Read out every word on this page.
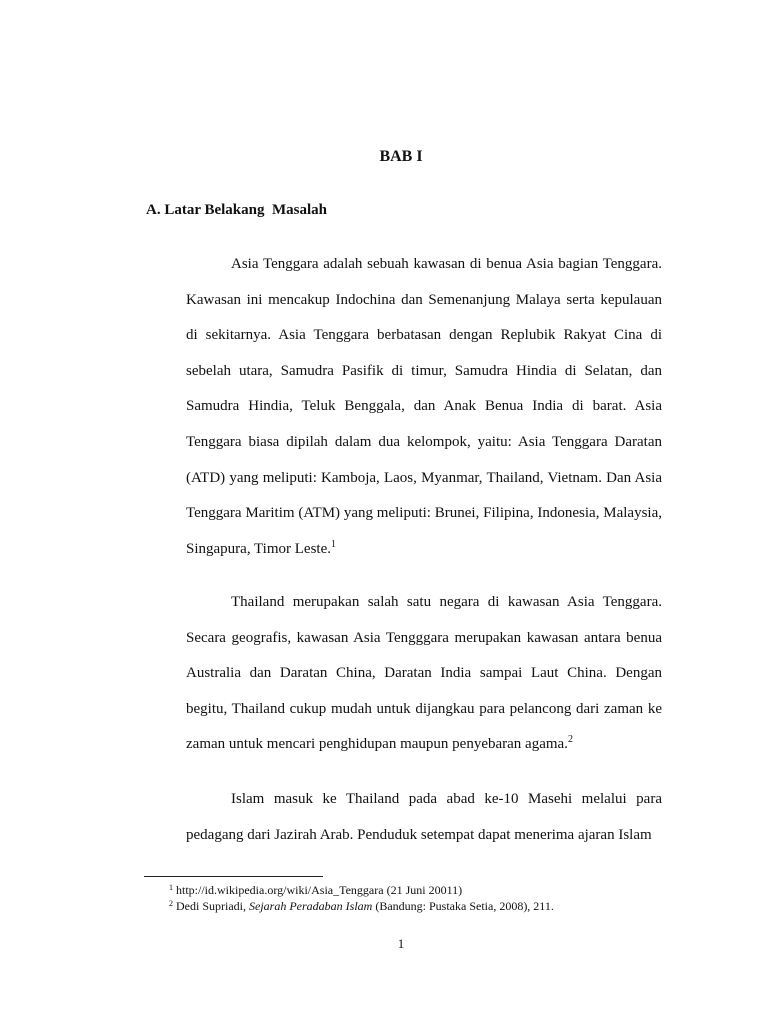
BAB I
A. Latar Belakang  Masalah

Asia Tenggara adalah sebuah kawasan di benua Asia bagian Tenggara. Kawasan ini mencakup Indochina dan Semenanjung Malaya serta kepulauan di sekitarnya. Asia Tenggara berbatasan dengan Replubik Rakyat Cina di sebelah utara, Samudra Pasifik di timur, Samudra Hindia di Selatan, dan Samudra Hindia, Teluk Benggala, dan Anak Benua India di barat. Asia Tenggara biasa dipilah dalam dua kelompok, yaitu: Asia Tenggara Daratan (ATD) yang meliputi: Kamboja, Laos, Myanmar, Thailand, Vietnam. Dan Asia Tenggara Maritim (ATM) yang meliputi: Brunei, Filipina, Indonesia, Malaysia, Singapura, Timor Leste.$^1$

Thailand merupakan salah satu negara di kawasan Asia Tenggara. Secara geografis, kawasan Asia Tengggara merupakan kawasan antara benua Australia dan Daratan China, Daratan India sampai Laut China. Dengan begitu, Thailand cukup mudah untuk dijangkau para pelancong dari zaman ke zaman untuk mencari penghidupan maupun penyebaran agama.$^2$

Islam masuk ke Thailand pada abad ke-10 Masehi melalui para pedagang dari Jazirah Arab. Penduduk setempat dapat menerima ajaran Islam

$^1$ http://id.wikipedia.org/wiki/Asia_Tenggara (21 Juni 20011)

$^2$ Dedi Supriadi, Sejarah Peradaban Islam (Bandung: Pustaka Setia, 2008), 211.

1
